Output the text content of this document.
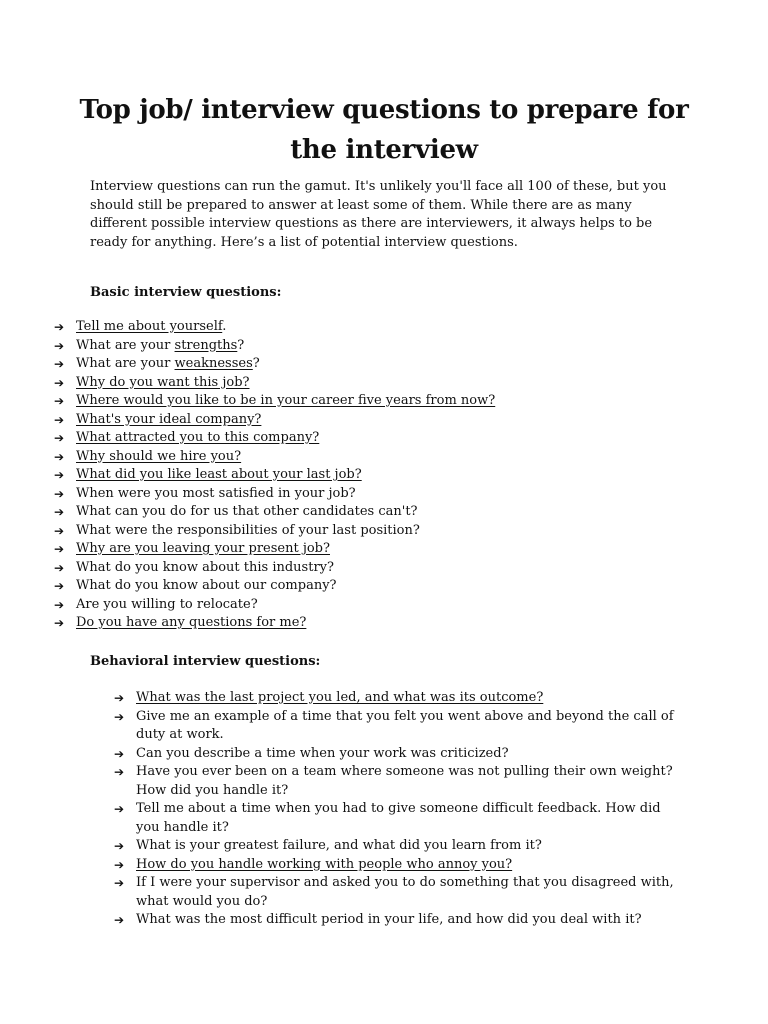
Top job/ interview questions to prepare for the interview

Interview questions can run the gamut. It's unlikely you'll face all 100 of these, but you should still be prepared to answer at least some of them. While there are as many different possible interview questions as there are interviewers, it always helps to be ready for anything. Here’s a list of potential interview questions.

Basic interview questions:
➔ Tell me about yourself.
➔ What are your strengths?
➔ What are your weaknesses?
➔ Why do you want this job?
➔ Where would you like to be in your career five years from now?
➔ What's your ideal company?
➔ What attracted you to this company?
➔ Why should we hire you?
➔ What did you like least about your last job?
➔ When were you most satisfied in your job?
➔ What can you do for us that other candidates can't?
➔ What were the responsibilities of your last position?
➔ Why are you leaving your present job?
➔ What do you know about this industry?
➔ What do you know about our company?
➔ Are you willing to relocate?
➔ Do you have any questions for me?
Behavioral interview questions:
➔ What was the last project you led, and what was its outcome?
➔ Give me an example of a time that you felt you went above and beyond the call of duty at work.
➔ Can you describe a time when your work was criticized?
➔ Have you ever been on a team where someone was not pulling their own weight? How did you handle it?
➔ Tell me about a time when you had to give someone difficult feedback. How did you handle it?
➔ What is your greatest failure, and what did you learn from it?
➔ How do you handle working with people who annoy you?
➔ If I were your supervisor and asked you to do something that you disagreed with, what would you do?
➔ What was the most difficult period in your life, and how did you deal with it?
